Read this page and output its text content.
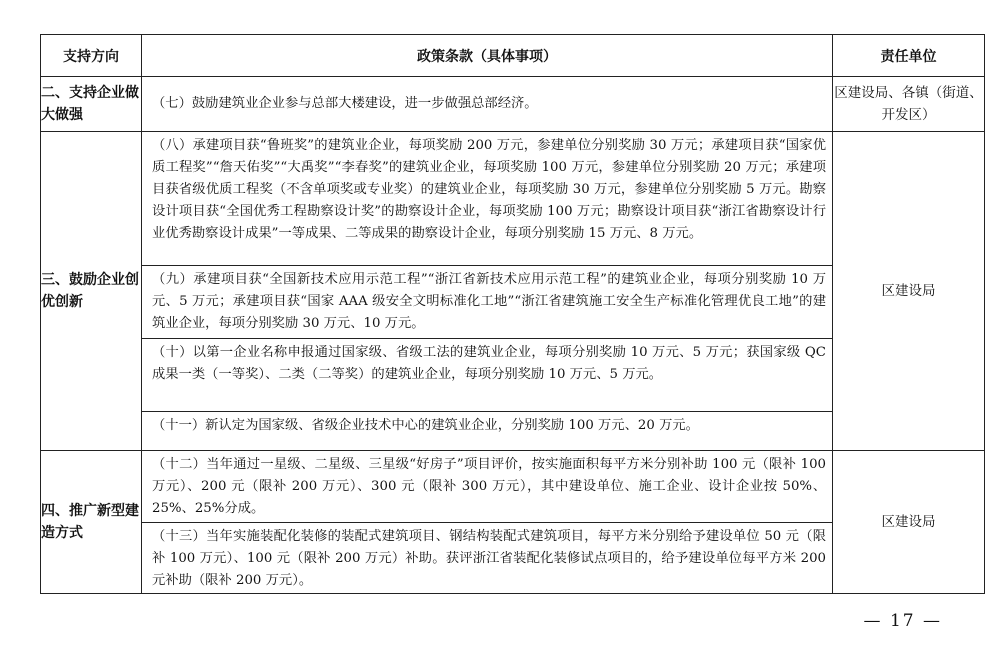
支持方向	政策条款（具体事项）	责任单位
二、支持企业做大做强	（七）鼓励建筑业企业参与总部大楼建设，进一步做强总部经济。	区建设局、各镇（街道、开发区）
三、鼓励企业创优创新	（八）承建项目获“鲁班奖”的建筑业企业，每项奖励 200 万元，参建单位分别奖励 30 万元；承建项目获“国家优质工程奖”“詹天佑奖”“大禹奖”“李春奖”的建筑业企业，每项奖励 100 万元，参建单位分别奖励 20 万元；承建项目获省级优质工程奖（不含单项奖或专业奖）的建筑业企业，每项奖励 30 万元，参建单位分别奖励 5 万元。勘察设计项目获“全国优秀工程勘察设计奖”的勘察设计企业，每项奖励 100 万元；勘察设计项目获“浙江省勘察设计行业优秀勘察设计成果”一等成果、二等成果的勘察设计企业，每项分别奖励 15 万元、8 万元。
（九）承建项目获“全国新技术应用示范工程”“浙江省新技术应用示范工程”的建筑业企业，每项分别奖励 10 万元、5 万元；承建项目获“国家 AAA 级安全文明标准化工地”“浙江省建筑施工安全生产标准化管理优良工地”的建筑业企业，每项分别奖励 30 万元、10 万元。
（十）以第一企业名称申报通过国家级、省级工法的建筑业企业，每项分别奖励 10 万元、5 万元；获国家级 QC 成果一类（一等奖）、二类（二等奖）的建筑业企业，每项分别奖励 10 万元、5 万元。
（十一）新认定为国家级、省级企业技术中心的建筑业企业，分别奖励 100 万元、20 万元。	区建设局
四、推广新型建造方式	（十二）当年通过一星级、二星级、三星级“好房子”项目评价，按实施面积每平方米分别补助 100 元（限补 100 万元）、200 元（限补 200 万元）、300 元（限补 300 万元），其中建设单位、施工企业、设计企业按 50%、25%、25%分成。
（十三）当年实施装配化装修的装配式建筑项目、钢结构装配式建筑项目，每平方米分别给予建设单位 50 元（限补 100 万元）、100 元（限补 200 万元）补助。获评浙江省装配化装修试点项目的，给予建设单位每平方米 200 元补助（限补 200 万元）。	区建设局
— 17 —
